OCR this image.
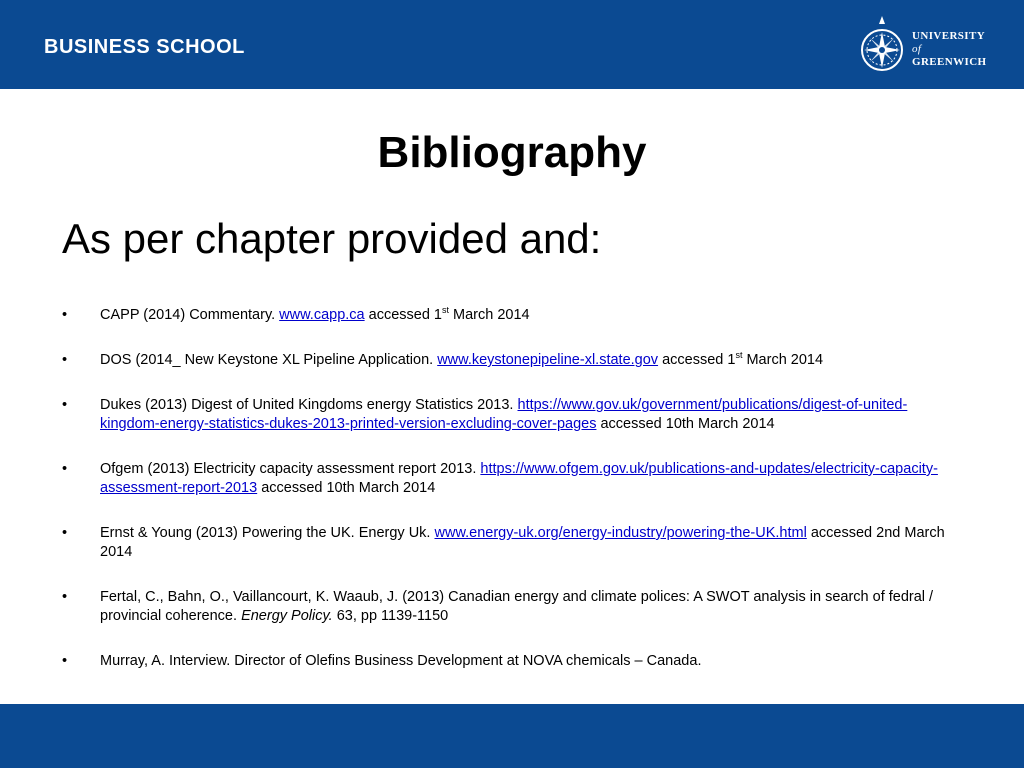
BUSINESS SCHOOL	UNIVERSITY
of
GREENWICH
Bibliography
As per chapter provided and:
• CAPP (2014) Commentary. www.capp.ca accessed 1st March 2014
• DOS (2014_ New Keystone XL Pipeline Application. www.keystonepipeline-xl.state.gov accessed 1st March 2014
• Dukes (2013) Digest of United Kingdoms energy Statistics 2013. https://www.gov.uk/government/publications/digest-of-united-kingdom-energy-statistics-dukes-2013-printed-version-excluding-cover-pages accessed 10th March 2014
• Ofgem (2013) Electricity capacity assessment report 2013. https://www.ofgem.gov.uk/publications-and-updates/electricity-capacity-assessment-report-2013 accessed 10th March 2014
• Ernst & Young (2013) Powering the UK. Energy Uk. www.energy-uk.org/energy-industry/powering-the-UK.html accessed 2nd March 2014
• Fertal, C., Bahn, O., Vaillancourt, K. Waaub, J. (2013) Canadian energy and climate polices: A SWOT analysis in search of fedral / provincial coherence. Energy Policy. 63, pp 1139-1150
• Murray, A. Interview. Director of Olefins Business Development at NOVA chemicals – Canada.
